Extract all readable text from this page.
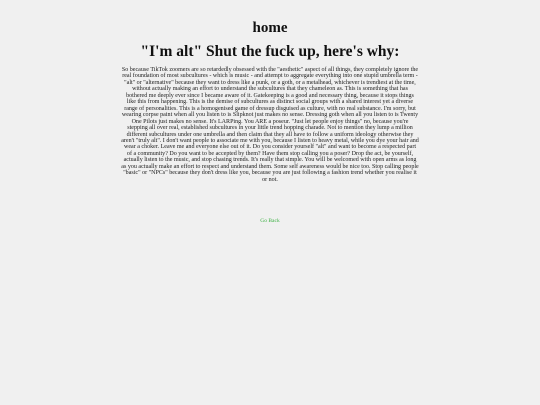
home
"I'm alt" Shut the fuck up, here's why:

So because TikTok zoomers are so retardedly obsessed with the "aesthetic" aspect of all things, they completely ignore the real foundation of most subcultures - which is music - and attempt to aggregate everything into one stupid umbrella term - "alt" or "alternative" because they want to dress like a punk, or a goth, or a metalhead, whichever is trendiest at the time, without actually making an effort to understand the subcultures that they chameleon as. This is something that has bothered me deeply ever since I became aware of it. Gatekeeping is a good and necessary thing, because it stops things like this from happening. This is the demise of subcultures as distinct social groups with a shared interest yet a diverse range of personalities. This is a homogenised game of dressup disguised as culture, with no real substance. I'm sorry, but wearing corpse paint when all you listen to is Slipknot just makes no sense. Dressing goth when all you listen to is Twenty One Pilots just makes no sense. It's LARPing. You ARE a poseur. "Just let people enjoy things" no, because you're stepping all over real, established subcultures in your little trend hopping charade. Not to mention they lump a million different subcultures under one umbrella and then claim that they all have to follow a uniform ideology otherwise they aren't "truly alt". I don't want people to associate me with you, because I listen to heavy metal, while you dye your hair and wear a choker. Leave me and everyone else out of it. Do you consider yourself "alt" and want to become a respected part of a community? Do you want to be accepted by them? Have them stop calling you a poser? Drop the act, be yourself, actually listen to the music, and stop chasing trends. It's really that simple. You will be welcomed with open arms as long as you actually make an effort to respect and understand them. Some self awareness would be nice too. Stop calling people "basic" or "NPCs" because they don't dress like you, because you are just following a fashion trend whether you realise it or not.

Go Back
